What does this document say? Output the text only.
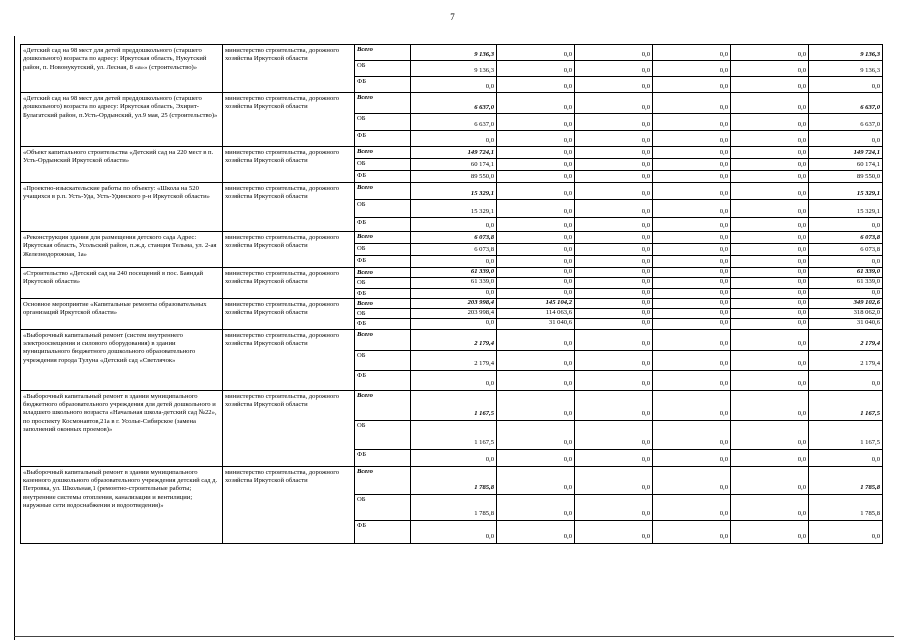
7
«Детский сад на 98 мест для детей преддошкольного (старшего дошкольного) возраста по адресу: Иркутская область, Нукутский район, п. Новонукутский, ул. Лесная, 8 «а»» (строительство)»	министерство строительства, дорожного хозяйства Иркутской области	Всего	9 136,3	0,0	0,0	0,0	0,0	9 136,3
		ОБ	9 136,3	0,0	0,0	0,0	0,0	9 136,3
		ФБ	0,0	0,0	0,0	0,0	0,0	0,0
«Детский сад на 98 мест для детей преддошкольного (старшего дошкольного) возраста по адресу: Иркутская область, Эхирит-Булагатский район, п.Усть-Ордынский, ул.9 мая, 25 (строительство)»	министерство строительства, дорожного хозяйства Иркутской области	Всего	6 637,0	0,0	0,0	0,0	0,0	6 637,0
		ОБ	6 637,0	0,0	0,0	0,0	0,0	6 637,0
		ФБ	0,0	0,0	0,0	0,0	0,0	0,0
«Объект капитального строительства «Детский сад на 220 мест в п. Усть-Ордынский Иркутской области»	министерство строительства, дорожного хозяйства Иркутской области	Всего	149 724,1	0,0	0,0	0,0	0,0	149 724,1
		ОБ	60 174,1	0,0	0,0	0,0	0,0	60 174,1
		ФБ	89 550,0	0,0	0,0	0,0	0,0	89 550,0
«Проектно-изыскательские работы по объекту: «Школа на 520 учащихся в р.п. Усть-Уда, Усть-Удинского р-н Иркутской области»	министерство строительства, дорожного хозяйства Иркутской области	Всего	15 329,1	0,0	0,0	0,0	0,0	15 329,1
		ОБ	15 329,1	0,0	0,0	0,0	0,0	15 329,1
		ФБ	0,0	0,0	0,0	0,0	0,0	0,0
«Реконструкция здания для размещения детского сада Адрес: Иркутская область, Усольский район, п.ж.д. станция Тельма, ул. 2-ая Железнодорожная, 1а»	министерство строительства, дорожного хозяйства Иркутской области	Всего	6 073,8	0,0	0,0	0,0	0,0	6 073,8
		ОБ	6 073,8	0,0	0,0	0,0	0,0	6 073,8
		ФБ	0,0	0,0	0,0	0,0	0,0	0,0
«Строительство «Детский сад на 240 посещений в пос. Баяндай Иркутской области»	министерство строительства, дорожного хозяйства Иркутской области	Всего	61 339,0	0,0	0,0	0,0	0,0	61 339,0
		ОБ	61 339,0	0,0	0,0	0,0	0,0	61 339,0
		ФБ	0,0	0,0	0,0	0,0	0,0	0,0
Основное мероприятие «Капитальные ремонты образовательных организаций Иркутской области»	министерство строительства, дорожного хозяйства Иркутской области	Всего	203 998,4	145 104,2	0,0	0,0	0,0	349 102,6
		ОБ	203 998,4	114 063,6	0,0	0,0	0,0	318 062,0
		ФБ	0,0	31 040,6	0,0	0,0	0,0	31 040,6
«Выборочный капитальный ремонт (систем внутреннего электроосвещения и силового оборудования) в здании муниципального бюджетного дошкольного образовательного учреждения города Тулуна «Детский сад «Светлячок»	министерство строительства, дорожного хозяйства Иркутской области	Всего	2 179,4	0,0	0,0	0,0	0,0	2 179,4
		ОБ	2 179,4	0,0	0,0	0,0	0,0	2 179,4
		ФБ	0,0	0,0	0,0	0,0	0,0	0,0
«Выборочный капитальный ремонт в здании муниципального бюджетного образовательного учреждения для детей дошкольного и младшего школьного возраста «Начальная школа-детский сад №22», по проспекту Космонавтов,21а в г. Усолье-Сибирское (замена заполнений оконных проемов)»	министерство строительства, дорожного хозяйства Иркутской области	Всего	1 167,5	0,0	0,0	0,0	0,0	1 167,5
		ОБ	1 167,5	0,0	0,0	0,0	0,0	1 167,5
		ФБ	0,0	0,0	0,0	0,0	0,0	0,0
«Выборочный капитальный ремонт в здании муниципального казенного дошкольного образовательного учреждения детский сад д. Петровка, ул. Школьная,1 (ремонтно-строительные работы; внутренние системы отопления, канализации и вентиляции; наружные сети водоснабжения и водоотведения)»	министерство строительства, дорожного хозяйства Иркутской области	Всего	1 785,8	0,0	0,0	0,0	0,0	1 785,8
		ОБ	1 785,8	0,0	0,0	0,0	0,0	1 785,8
		ФБ	0,0	0,0	0,0	0,0	0,0	0,0
